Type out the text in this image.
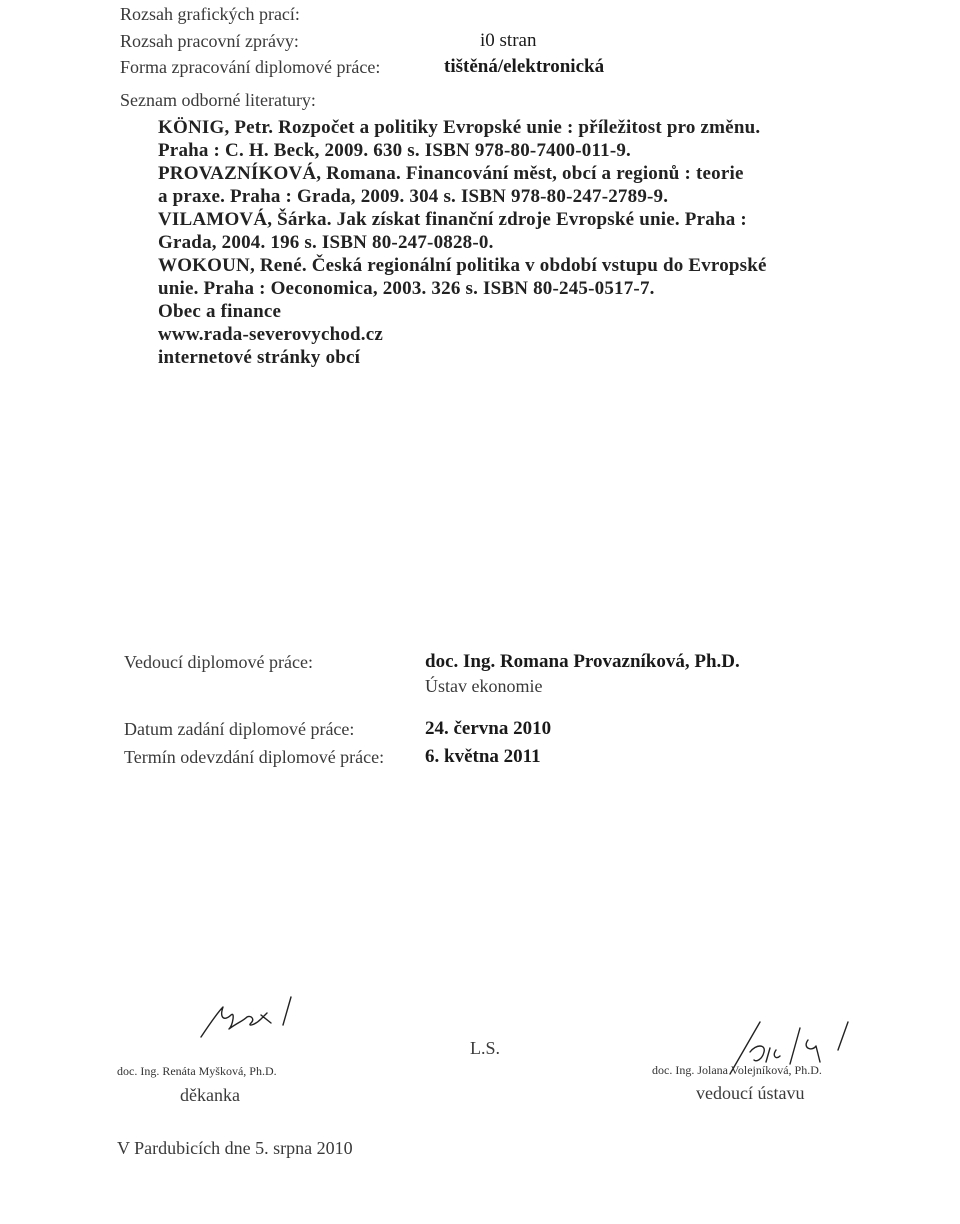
Rozsah grafických prací:
Rozsah pracovní zprávy:	i0 stran
Forma zpracování diplomové práce:	tištěná/elektronická
Seznam odborné literatury:
KÖNIG, Petr. Rozpočet a politiky Evropské unie : příležitost pro změnu.
Praha : C. H. Beck, 2009. 630 s. ISBN 978-80-7400-011-9.
PROVAZNÍKOVÁ, Romana. Financování měst, obcí a regionů : teorie
a praxe. Praha : Grada, 2009. 304 s. ISBN 978-80-247-2789-9.
VILAMOVÁ, Šárka. Jak získat finanční zdroje Evropské unie. Praha :
Grada, 2004. 196 s. ISBN 80-247-0828-0.
WOKOUN, René. Česká regionální politika v období vstupu do Evropské
unie. Praha : Oeconomica, 2003. 326 s. ISBN 80-245-0517-7.
Obec a finance
www.rada-severovychod.cz
internetové stránky obcí
Vedoucí diplomové práce:	doc. Ing. Romana Provazníková, Ph.D.
Ústav ekonomie
Datum zadání diplomové práce:	24. června 2010
Termín odevzdání diplomové práce: 6. května 2011
doc. Ing. Renáta Myšková, Ph.D.
děkanka
L.S.
doc. Ing. Jolana Volejníková, Ph.D.
vedoucí ústavu
V Pardubicích dne 5. srpna 2010
